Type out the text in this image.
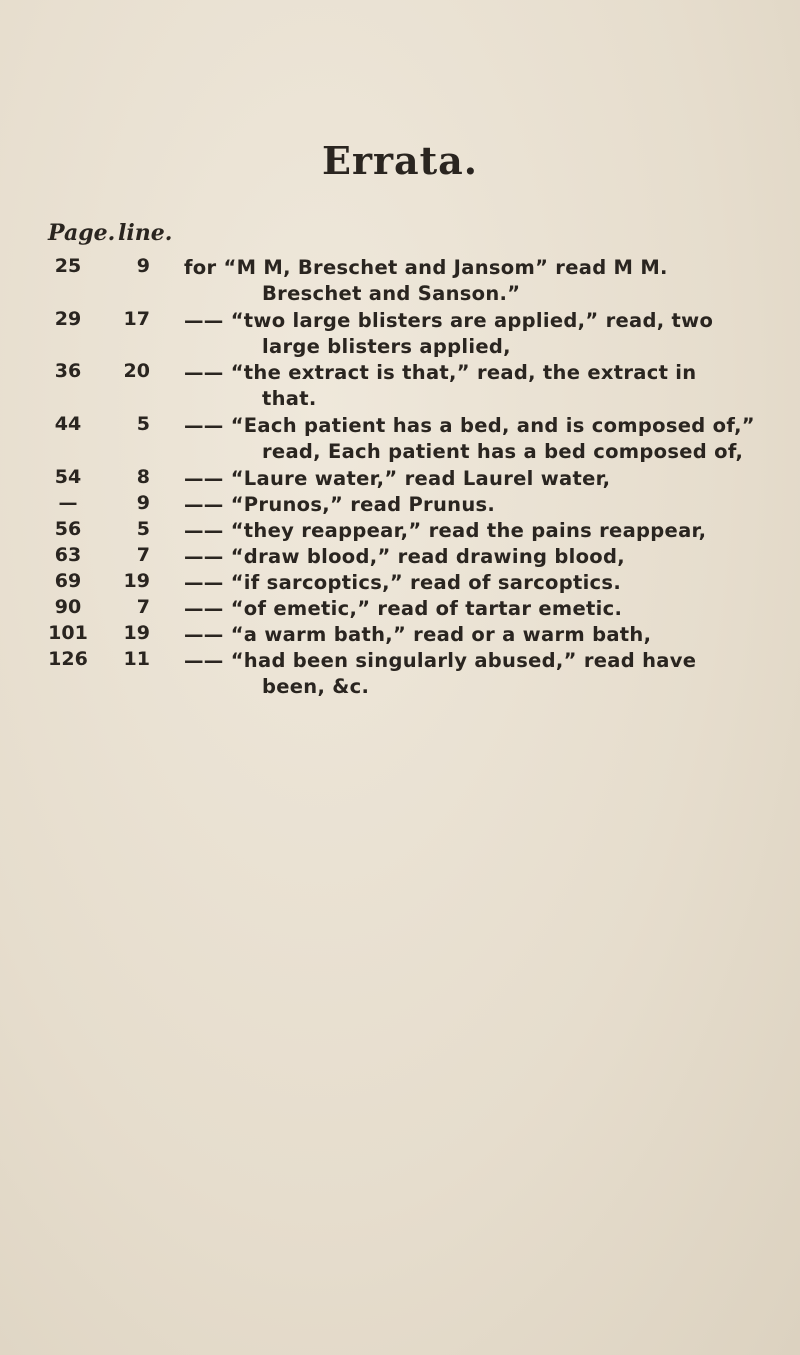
Errata.
Page. line.
25	9 for “M M, Breschet and Jansom” read M M.
Breschet and Sanson.”
29	17 —— “two large blisters are applied,” read, two
large blisters applied,
36	20 —— “the extract is that,” read, the extract in
that.
44	5 —— “Each patient has a bed, and is composed of,”
read, Each patient has a bed composed of,
54	8 —— “Laure water,” read Laurel water,
—	9 —— “Prunos,” read Prunus.
56	5 —— “they reappear,” read the pains reappear,
63	7 —— “draw blood,” read drawing blood,
69	19 —— “if sarcoptics,” read of sarcoptics.
90	7 —— “of emetic,” read of tartar emetic.
101	19 —— “a warm bath,” read or a warm bath,
126	11 —— “had been singularly abused,” read have
been, &c.
